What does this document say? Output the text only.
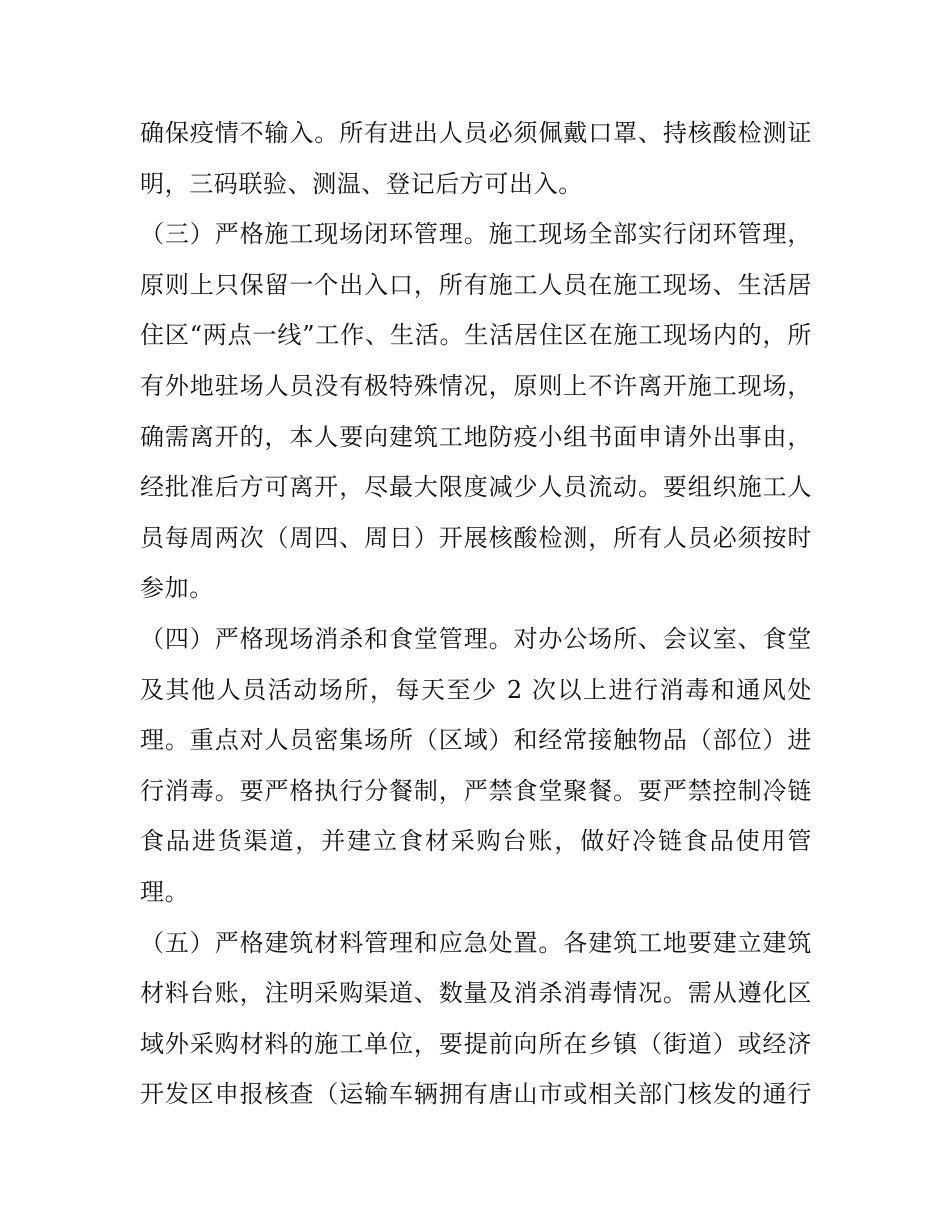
确保疫情不输入。所有进出人员必须佩戴口罩、持核酸检测证
明，三码联验、测温、登记后方可出入。
（三）严格施工现场闭环管理。施工现场全部实行闭环管理，
原则上只保留一个出入口，所有施工人员在施工现场、生活居
住区“两点一线”工作、生活。生活居住区在施工现场内的，所
有外地驻场人员没有极特殊情况，原则上不许离开施工现场，
确需离开的，本人要向建筑工地防疫小组书面申请外出事由，
经批准后方可离开，尽最大限度减少人员流动。要组织施工人
员每周两次（周四、周日）开展核酸检测，所有人员必须按时
参加。
（四）严格现场消杀和食堂管理。对办公场所、会议室、食堂
及其他人员活动场所，每天至少 2 次以上进行消毒和通风处
理。重点对人员密集场所（区域）和经常接触物品（部位）进
行消毒。要严格执行分餐制，严禁食堂聚餐。要严禁控制冷链
食品进货渠道，并建立食材采购台账，做好冷链食品使用管
理。
（五）严格建筑材料管理和应急处置。各建筑工地要建立建筑
材料台账，注明采购渠道、数量及消杀消毒情况。需从遵化区
域外采购材料的施工单位，要提前向所在乡镇（街道）或经济
开发区申报核查（运输车辆拥有唐山市或相关部门核发的通行
